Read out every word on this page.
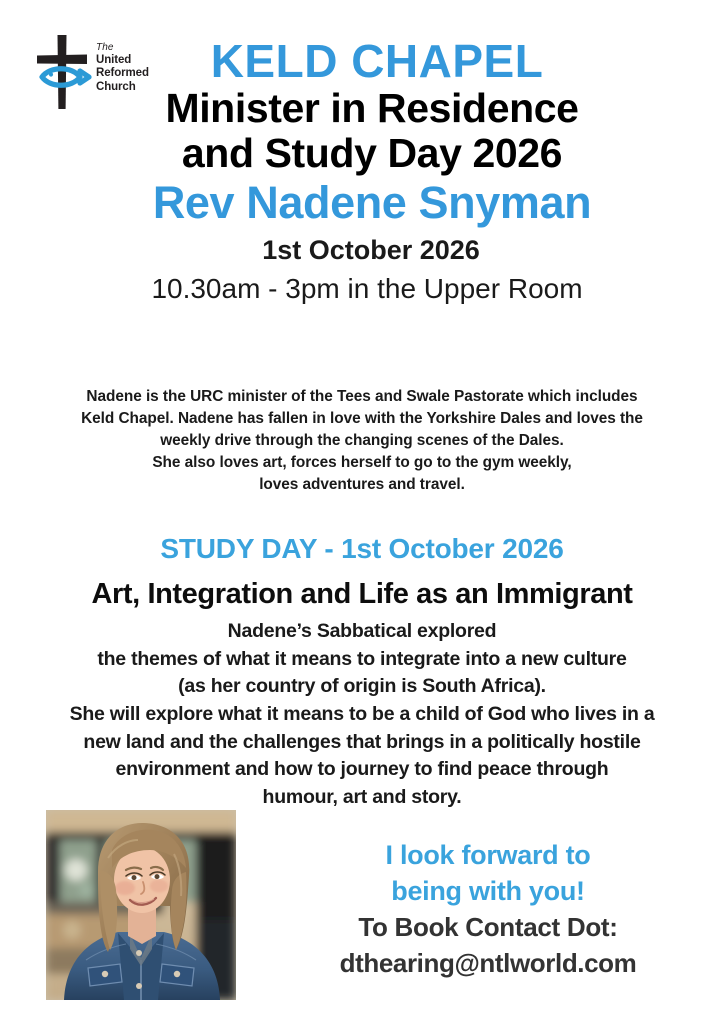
The
United
Reformed
Church	KELD CHAPEL
Minister in Residence
and Study Day 2026
Rev Nadene Snyman
1st October 2026
10.30am - 3pm in the Upper Room
Nadene is the URC minister of the Tees and Swale Pastorate which includes
Keld Chapel. Nadene has fallen in love with the Yorkshire Dales and loves the
weekly drive through the changing scenes of the Dales.
She also loves art, forces herself to go to the gym weekly,
loves adventures and travel.
STUDY DAY - 1st October 2026
Art, Integration and Life as an Immigrant
Nadene’s Sabbatical explored
the themes of what it means to integrate into a new culture
(as her country of origin is South Africa).
She will explore what it means to be a child of God who lives in a
new land and the challenges that brings in a politically hostile
environment and how to journey to find peace through
humour, art and story.
I look forward to
being with you!
To Book Contact Dot:
dthearing@ntlworld.com
